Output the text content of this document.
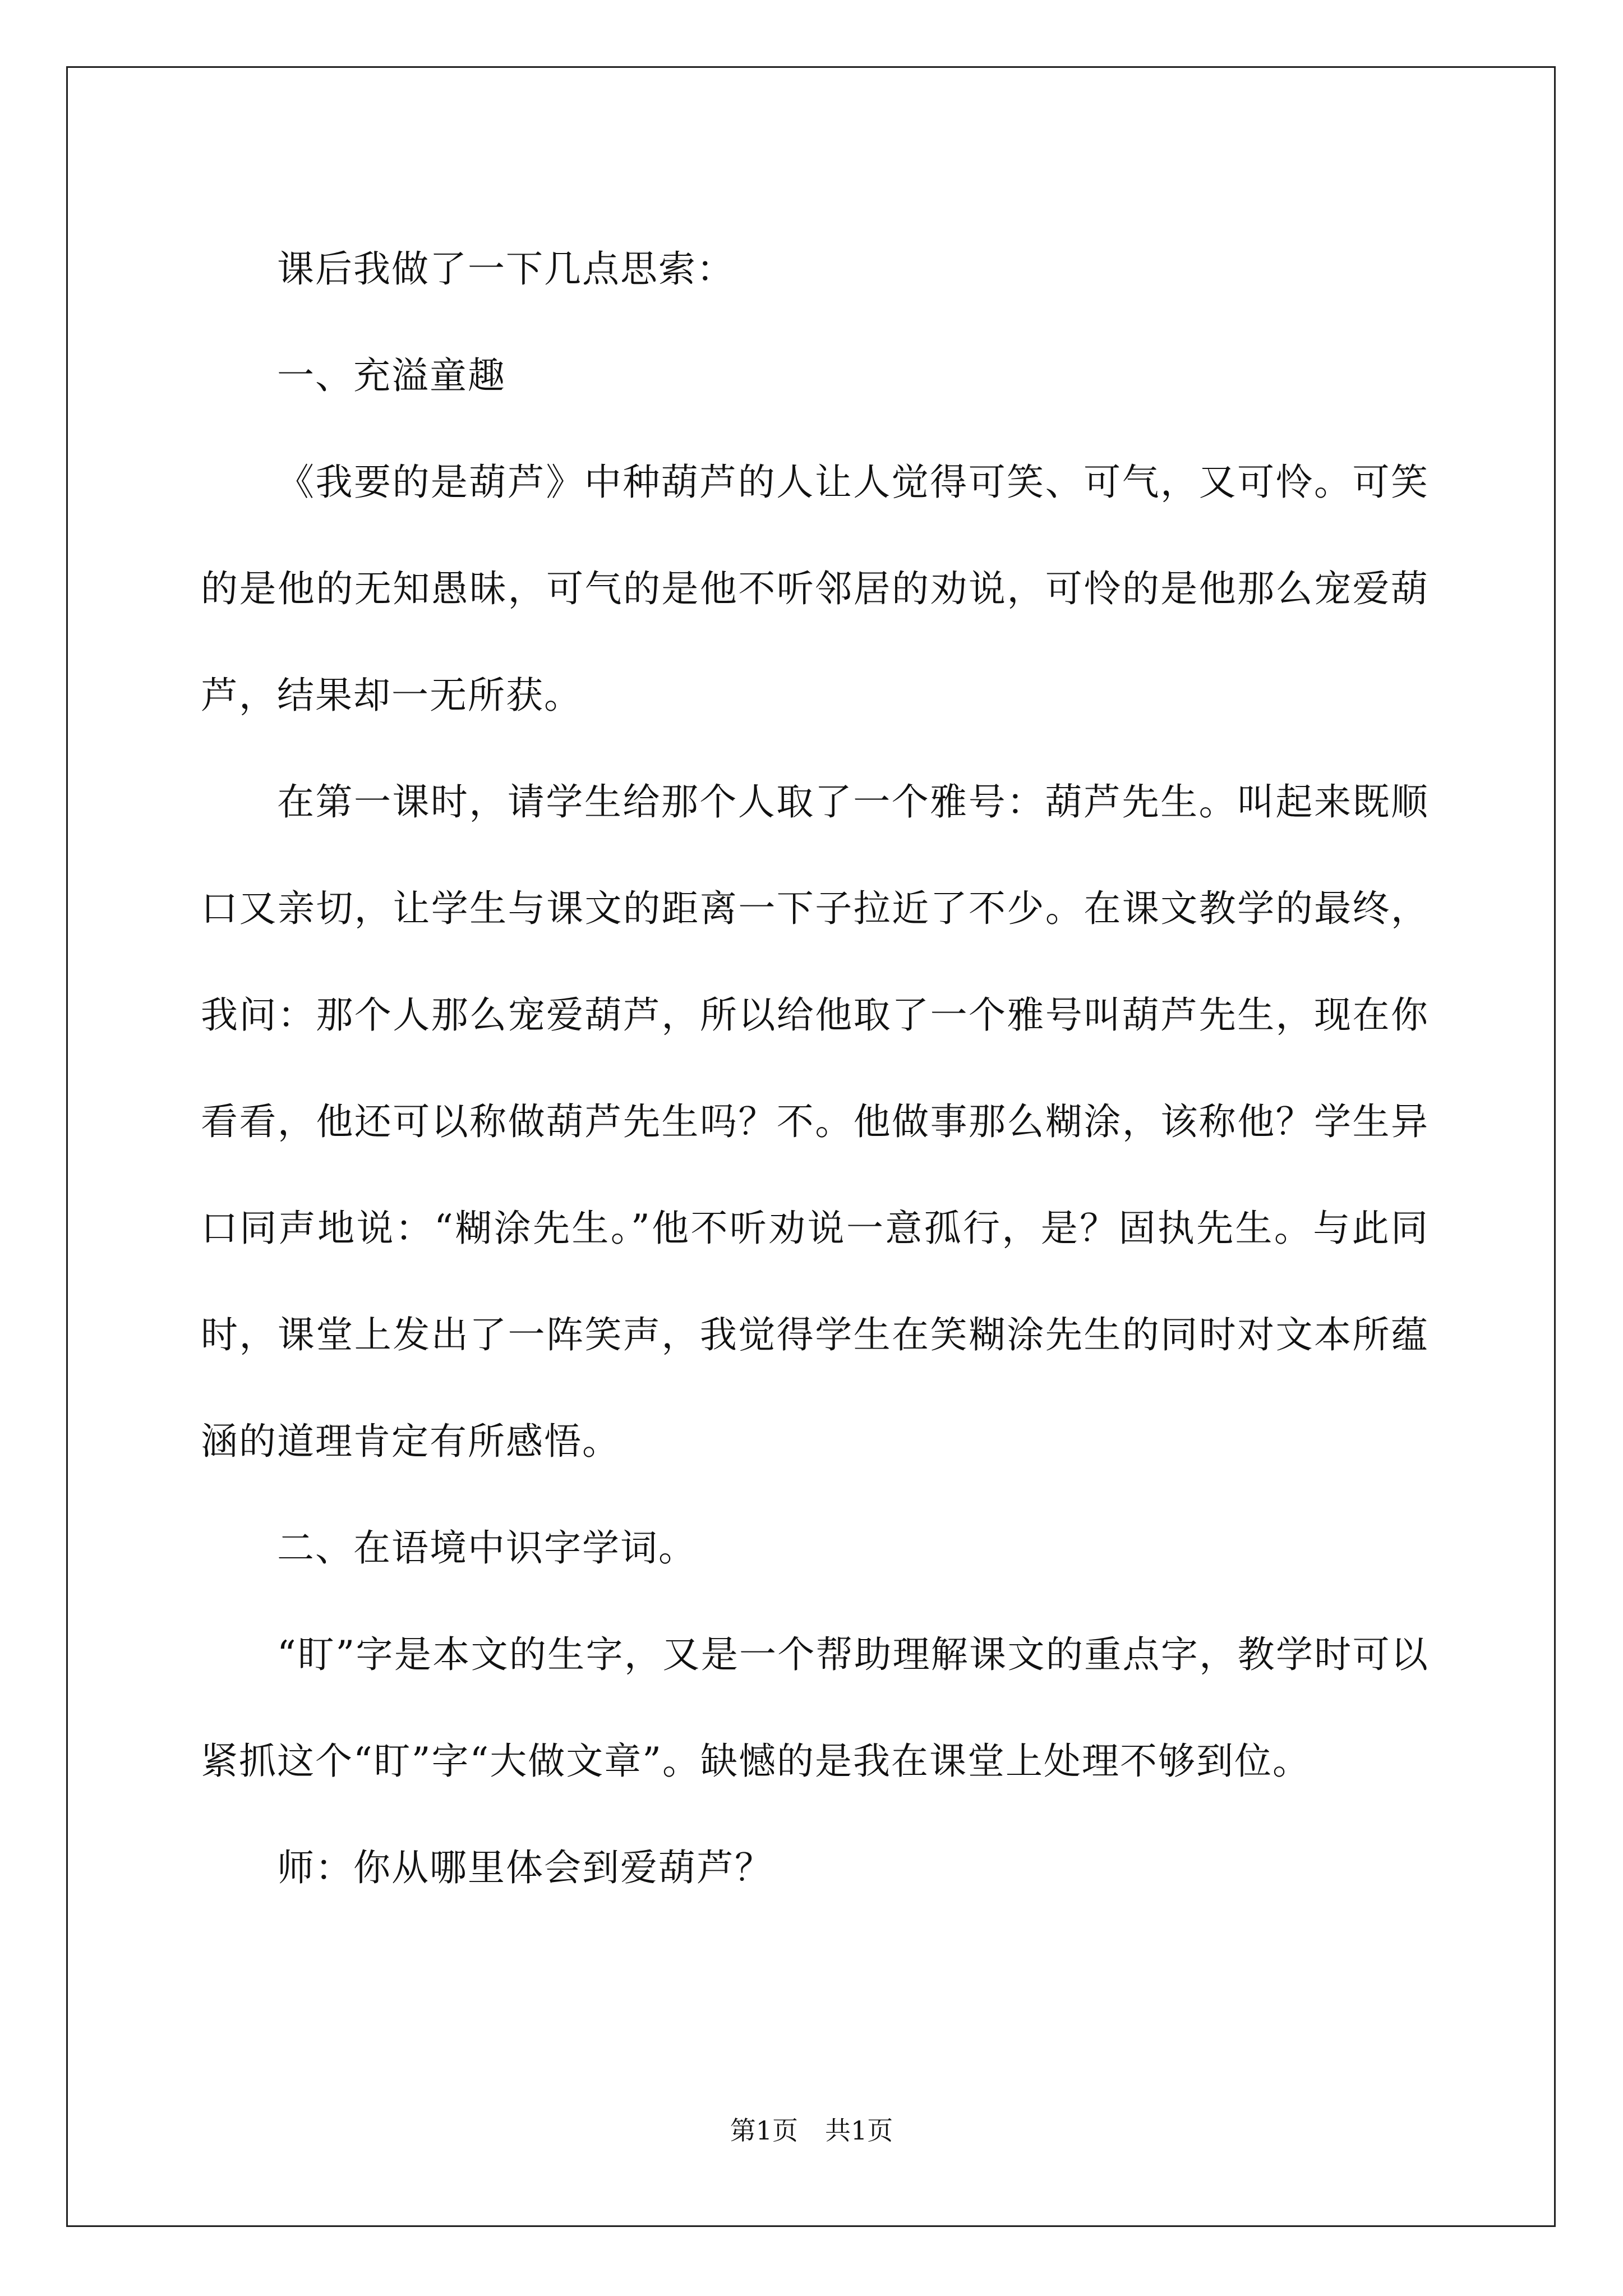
课后我做了一下几点思索：

一、充溢童趣

《我要的是葫芦》中种葫芦的人让人觉得可笑、可气，又可怜。可笑的是他的无知愚昧，可气的是他不听邻居的劝说，可怜的是他那么宠爱葫芦，结果却一无所获。

在第一课时，请学生给那个人取了一个雅号：葫芦先生。叫起来既顺口又亲切，让学生与课文的距离一下子拉近了不少。在课文教学的最终，我问：那个人那么宠爱葫芦，所以给他取了一个雅号叫葫芦先生，现在你看看，他还可以称做葫芦先生吗？不。他做事那么糊涂，该称他？学生异口同声地说：“糊涂先生。”他不听劝说一意孤行，是？固执先生。与此同时，课堂上发出了一阵笑声，我觉得学生在笑糊涂先生的同时对文本所蕴涵的道理肯定有所感悟。

二、在语境中识字学词。

“盯”字是本文的生字，又是一个帮助理解课文的重点字，教学时可以紧抓这个“盯”字“大做文章”。缺憾的是我在课堂上处理不够到位。

师：你从哪里体会到爱葫芦？

第1页 共1页
